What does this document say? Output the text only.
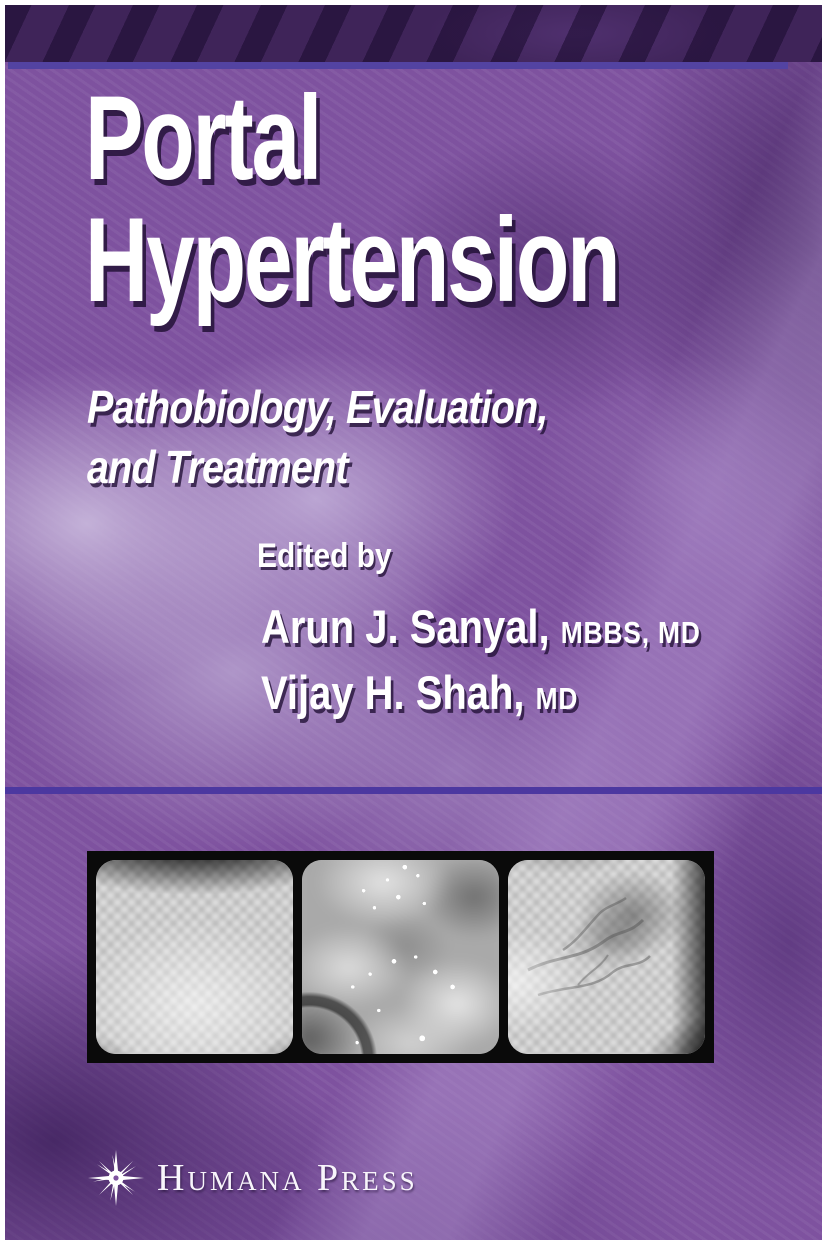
Portal
Hypertension
Pathobiology, Evaluation,
and Treatment
Edited by
Arun J. Sanyal, MBBS, MD
Vijay H. Shah, MD
Humana Press
